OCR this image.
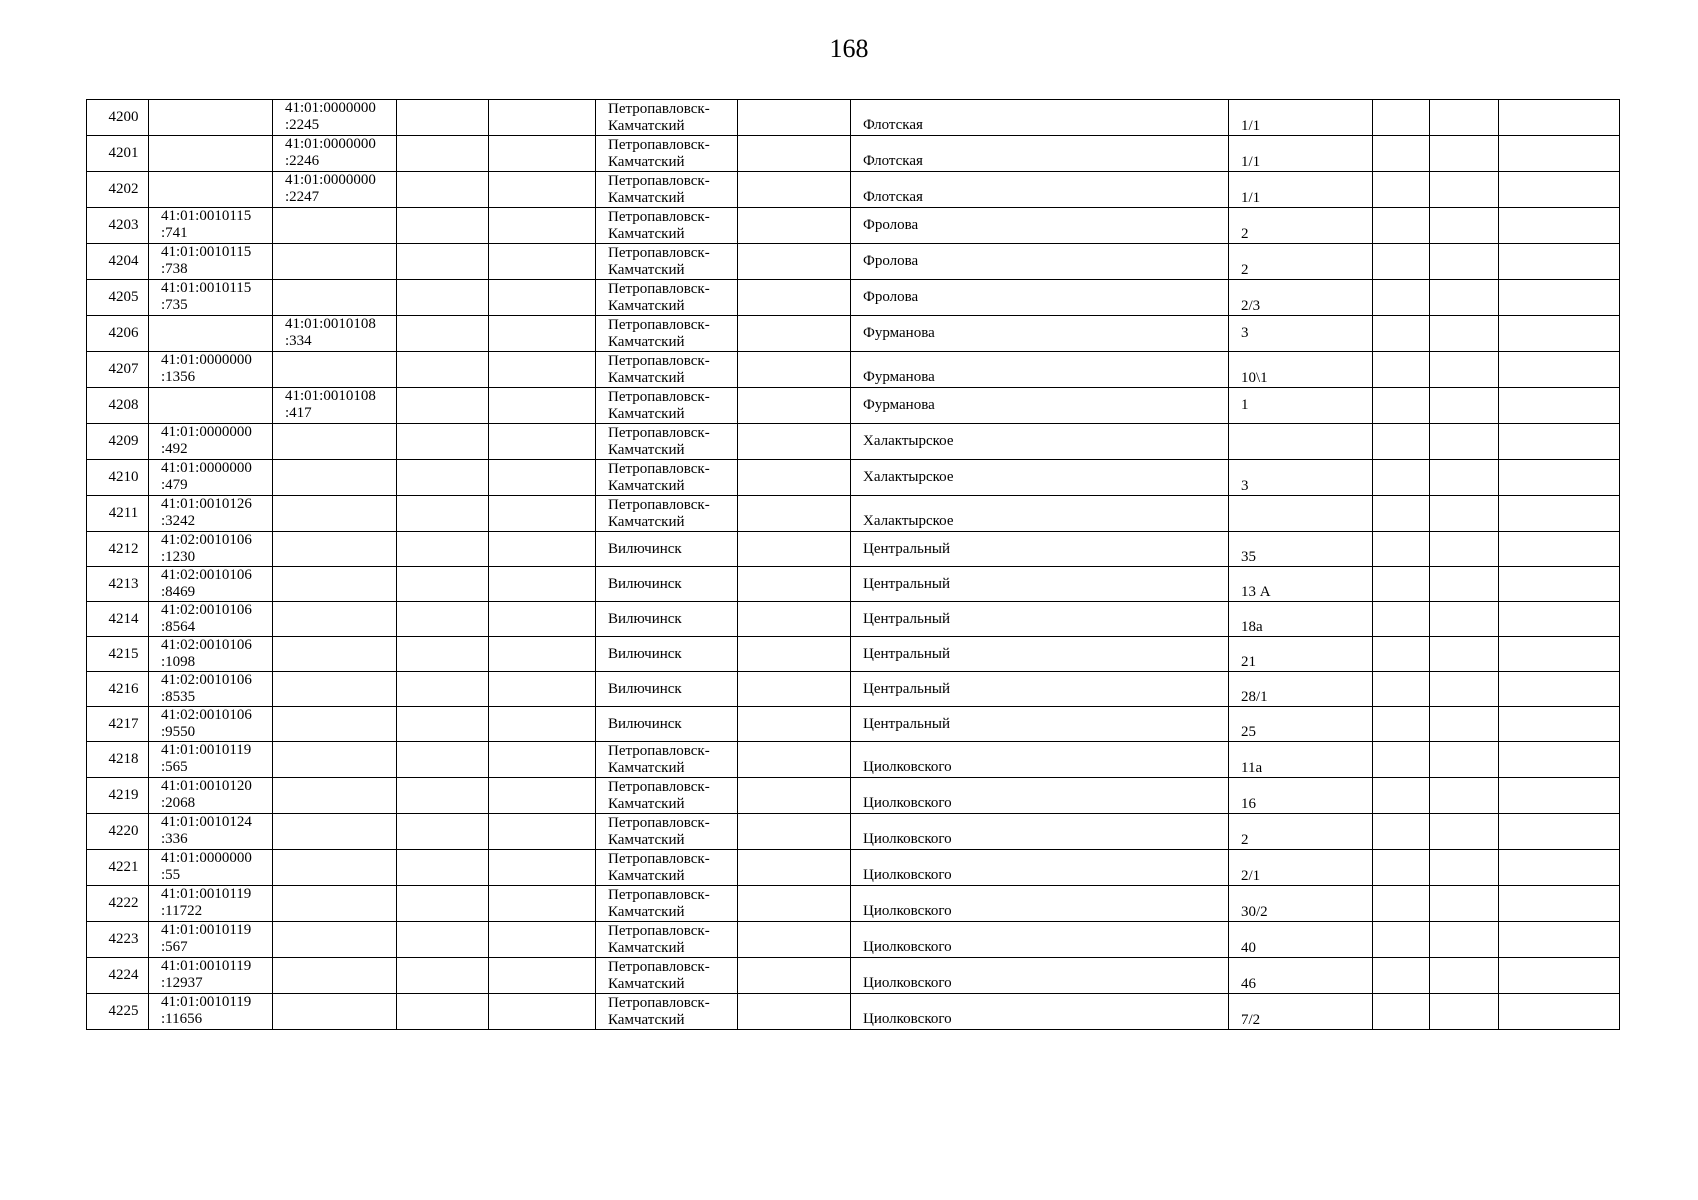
168
4200		41:01:0000000
:2245			Петропавловск-
Камчатский		Флотская	1/1			
4201		41:01:0000000
:2246			Петропавловск-
Камчатский		Флотская	1/1			
4202		41:01:0000000
:2247			Петропавловск-
Камчатский		Флотская	1/1			
4203	41:01:0010115
:741				Петропавловск-
Камчатский		Фролова	2			
4204	41:01:0010115
:738				Петропавловск-
Камчатский		Фролова	2			
4205	41:01:0010115
:735				Петропавловск-
Камчатский		Фролова	2/3			
4206		41:01:0010108
:334			Петропавловск-
Камчатский		Фурманова	3			
4207	41:01:0000000
:1356				Петропавловск-
Камчатский		Фурманова	10\1			
4208		41:01:0010108
:417			Петропавловск-
Камчатский		Фурманова	1			
4209	41:01:0000000
:492				Петропавловск-
Камчатский		Халактырское				
4210	41:01:0000000
:479				Петропавловск-
Камчатский		Халактырское	3			
4211	41:01:0010126
:3242				Петропавловск-
Камчатский		Халактырское				
4212	41:02:0010106
:1230				Вилючинск		Центральный	35			
4213	41:02:0010106
:8469				Вилючинск		Центральный	13 А			
4214	41:02:0010106
:8564				Вилючинск		Центральный	18а			
4215	41:02:0010106
:1098				Вилючинск		Центральный	21			
4216	41:02:0010106
:8535				Вилючинск		Центральный	28/1			
4217	41:02:0010106
:9550				Вилючинск		Центральный	25			
4218	41:01:0010119
:565				Петропавловск-
Камчатский		Циолковского	11а			
4219	41:01:0010120
:2068				Петропавловск-
Камчатский		Циолковского	16			
4220	41:01:0010124
:336				Петропавловск-
Камчатский		Циолковского	2			
4221	41:01:0000000
:55				Петропавловск-
Камчатский		Циолковского	2/1			
4222	41:01:0010119
:11722				Петропавловск-
Камчатский		Циолковского	30/2			
4223	41:01:0010119
:567				Петропавловск-
Камчатский		Циолковского	40			
4224	41:01:0010119
:12937				Петропавловск-
Камчатский		Циолковского	46			
4225	41:01:0010119
:11656				Петропавловск-
Камчатский		Циолковского	7/2			
